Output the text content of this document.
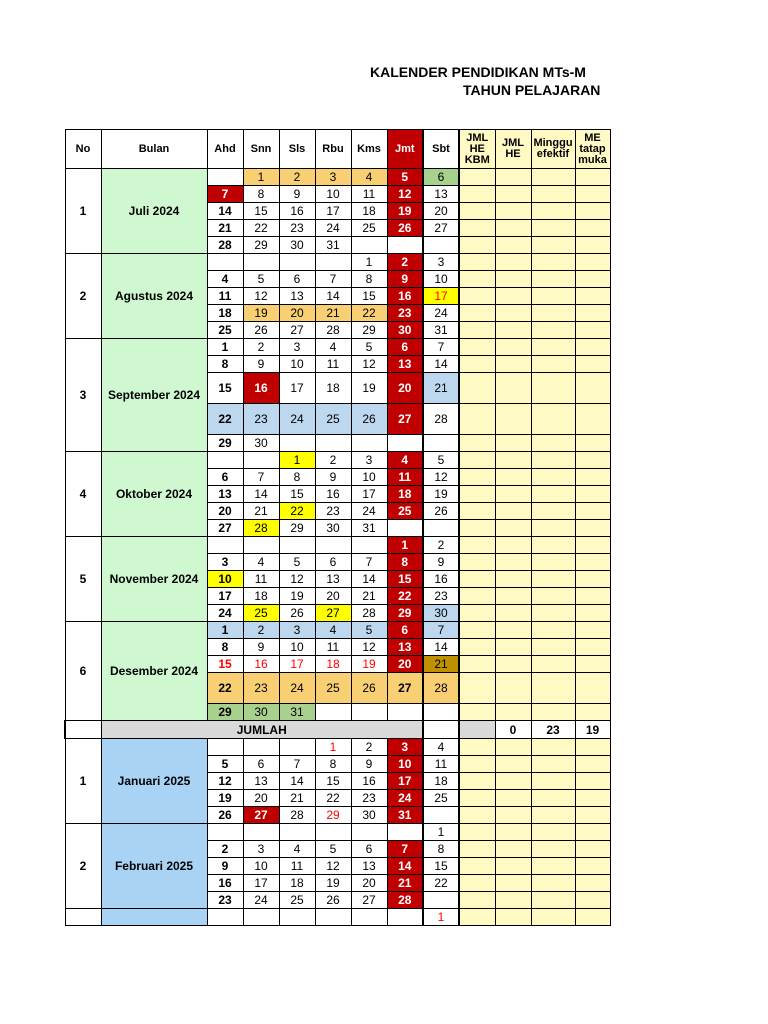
KALENDER PENDIDIKAN MTs-M
TAHUN PELAJARAN
No	Bulan	Ahd	Snn	Sls	Rbu	Kms	Jmt	Sbt	JML HE KBM	JML HE	Minggu efektif	ME tatap muka
1	Juli 2024		1	2	3	4	5	6				
		7	8	9	10	11	12	13				
		14	15	16	17	18	19	20				
		21	22	23	24	25	26	27				
		28	29	30	31							
2	Agustus 2024					1	2	3				
		4	5	6	7	8	9	10				
		11	12	13	14	15	16	17				
		18	19	20	21	22	23	24				
		25	26	27	28	29	30	31				
3	September 2024	1	2	3	4	5	6	7				
		8	9	10	11	12	13	14				
		15	16	17	18	19	20	21				
		22	23	24	25	26	27	28				
		29	30									
4	Oktober 2024			1	2	3	4	5				
		6	7	8	9	10	11	12				
		13	14	15	16	17	18	19				
		20	21	22	23	24	25	26				
		27	28	29	30	31						
5	November 2024						1	2				
		3	4	5	6	7	8	9				
		10	11	12	13	14	15	16				
		17	18	19	20	21	22	23				
		24	25	26	27	28	29	30				
6	Desember 2024	1	2	3	4	5	6	7				
		8	9	10	11	12	13	14				
		15	16	17	18	19	20	21				
		22	23	24	25	26	27	28				
		29	30	31								
	JUMLAH									0	23	19
1	Januari 2025				1	2	3	4				
		5	6	7	8	9	10	11				
		12	13	14	15	16	17	18				
		19	20	21	22	23	24	25				
		26	27	28	29	30	31					
2	Februari 2025							1				
		2	3	4	5	6	7	8				
		9	10	11	12	13	14	15				
		16	17	18	19	20	21	22				
		23	24	25	26	27	28					
								1				
